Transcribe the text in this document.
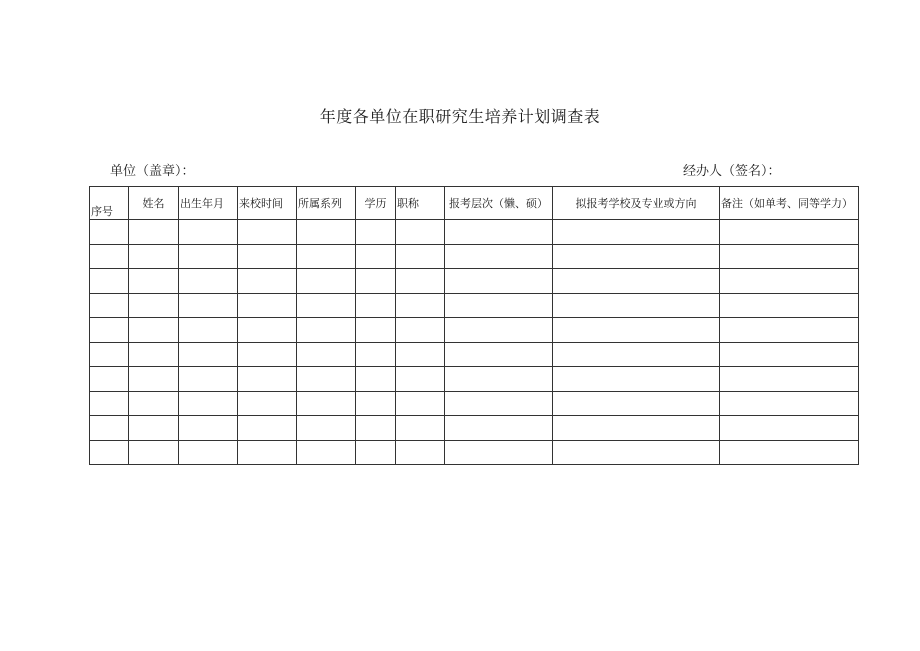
年度各单位在职研究生培养计划调查表
单位（盖章）：	经办人（签名）：
序号	姓名	出生年月	来校时间	所属系列	学历	职称	报考层次（懒、硕）	拟报考学校及专业或方向	备注（如单考、同等学力）
